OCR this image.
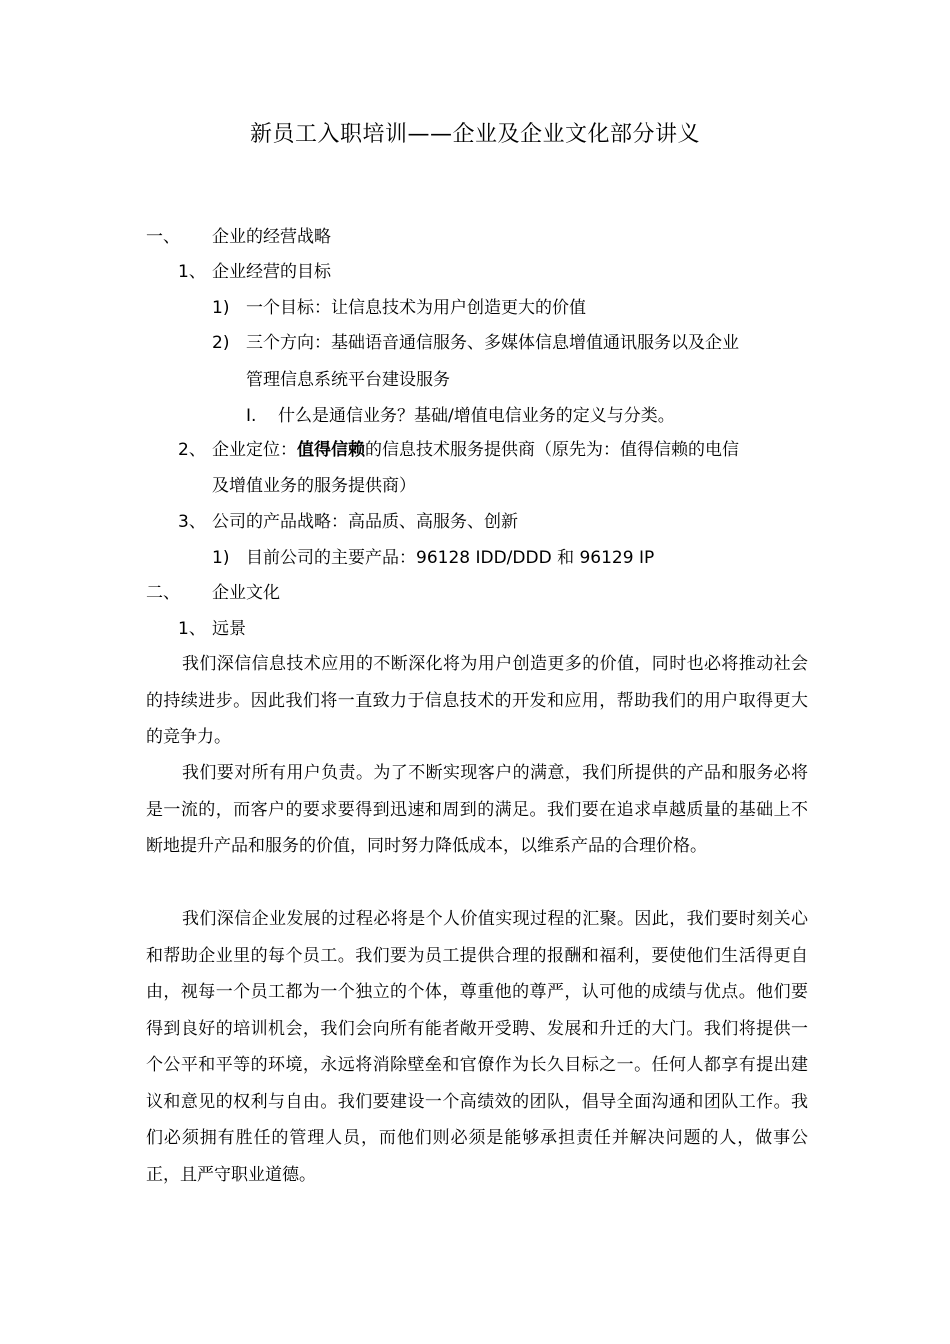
新员工入职培训——企业及企业文化部分讲义
一、 企业的经营战略
1、 企业经营的目标
1) 一个目标：让信息技术为用户创造更大的价值
2) 三个方向：基础语音通信服务、多媒体信息增值通讯服务以及企业
管理信息系统平台建设服务
I. 什么是通信业务？基础/增值电信业务的定义与分类。
2、 企业定位：值得信赖的信息技术服务提供商（原先为：值得信赖的电信
及增值业务的服务提供商）
3、 公司的产品战略：高品质、高服务、创新
1) 目前公司的主要产品：96128 IDD/DDD 和 96129 IP
二、 企业文化
1、 远景

我们深信信息技术应用的不断深化将为用户创造更多的价值，同时也必将推动社会的持续进步。因此我们将一直致力于信息技术的开发和应用，帮助我们的用户取得更大的竞争力。

我们要对所有用户负责。为了不断实现客户的满意，我们所提供的产品和服务必将是一流的，而客户的要求要得到迅速和周到的满足。我们要在追求卓越质量的基础上不断地提升产品和服务的价值，同时努力降低成本，以维系产品的合理价格。

我们深信企业发展的过程必将是个人价值实现过程的汇聚。因此，我们要时刻关心和帮助企业里的每个员工。我们要为员工提供合理的报酬和福利，要使他们生活得更自由，视每一个员工都为一个独立的个体，尊重他的尊严，认可他的成绩与优点。他们要得到良好的培训机会，我们会向所有能者敞开受聘、发展和升迁的大门。我们将提供一个公平和平等的环境，永远将消除壁垒和官僚作为长久目标之一。任何人都享有提出建议和意见的权利与自由。我们要建设一个高绩效的团队，倡导全面沟通和团队工作。我们必须拥有胜任的管理人员，而他们则必须是能够承担责任并解决问题的人，做事公正，且严守职业道德。
